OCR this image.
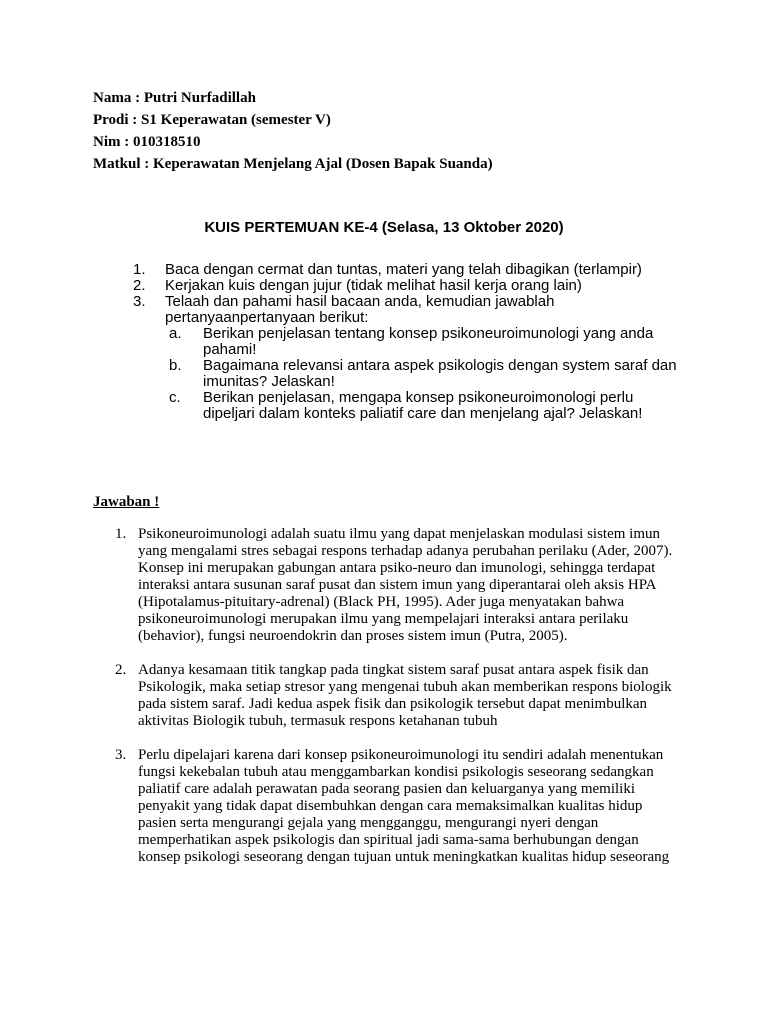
Nama : Putri Nurfadillah
Prodi : S1 Keperawatan (semester V)
Nim : 010318510
Matkul : Keperawatan Menjelang Ajal (Dosen Bapak Suanda)
KUIS PERTEMUAN KE-4 (Selasa, 13 Oktober 2020)
1. Baca dengan cermat dan tuntas, materi yang telah dibagikan (terlampir)
2. Kerjakan kuis dengan jujur (tidak melihat hasil kerja orang lain)
3. Telaah dan pahami hasil bacaan anda, kemudian jawablah pertanyaanpertanyaan berikut:
a. Berikan penjelasan tentang konsep psikoneuroimunologi yang anda pahami!
b. Bagaimana relevansi antara aspek psikologis dengan system saraf dan imunitas? Jelaskan!
c. Berikan penjelasan, mengapa konsep psikoneuroimonologi perlu dipeljari dalam konteks paliatif care dan menjelang ajal? Jelaskan!
Jawaban !
1. Psikoneuroimunologi adalah suatu ilmu yang dapat menjelaskan modulasi sistem imun yang mengalami stres sebagai respons terhadap adanya perubahan perilaku (Ader, 2007). Konsep ini merupakan gabungan antara psiko-neuro dan imunologi, sehingga terdapat interaksi antara susunan saraf pusat dan sistem imun yang diperantarai oleh aksis HPA (Hipotalamus-pituitary-adrenal) (Black PH, 1995). Ader juga menyatakan bahwa psikoneuroimunologi merupakan ilmu yang mempelajari interaksi antara perilaku (behavior), fungsi neuroendokrin dan proses sistem imun (Putra, 2005).
2. Adanya kesamaan titik tangkap pada tingkat sistem saraf pusat antara aspek fisik dan Psikologik, maka setiap stresor yang mengenai tubuh akan memberikan respons biologik pada sistem saraf. Jadi kedua aspek fisik dan psikologik tersebut dapat menimbulkan aktivitas Biologik tubuh, termasuk respons ketahanan tubuh
3. Perlu dipelajari karena dari konsep psikoneuroimunologi itu sendiri adalah menentukan fungsi kekebalan tubuh atau menggambarkan kondisi psikologis seseorang sedangkan paliatif care adalah perawatan pada seorang pasien dan keluarganya yang memiliki penyakit yang tidak dapat disembuhkan dengan cara memaksimalkan kualitas hidup pasien serta mengurangi gejala yang mengganggu, mengurangi nyeri dengan memperhatikan aspek psikologis dan spiritual jadi sama-sama berhubungan dengan konsep psikologi seseorang dengan tujuan untuk meningkatkan kualitas hidup seseorang
